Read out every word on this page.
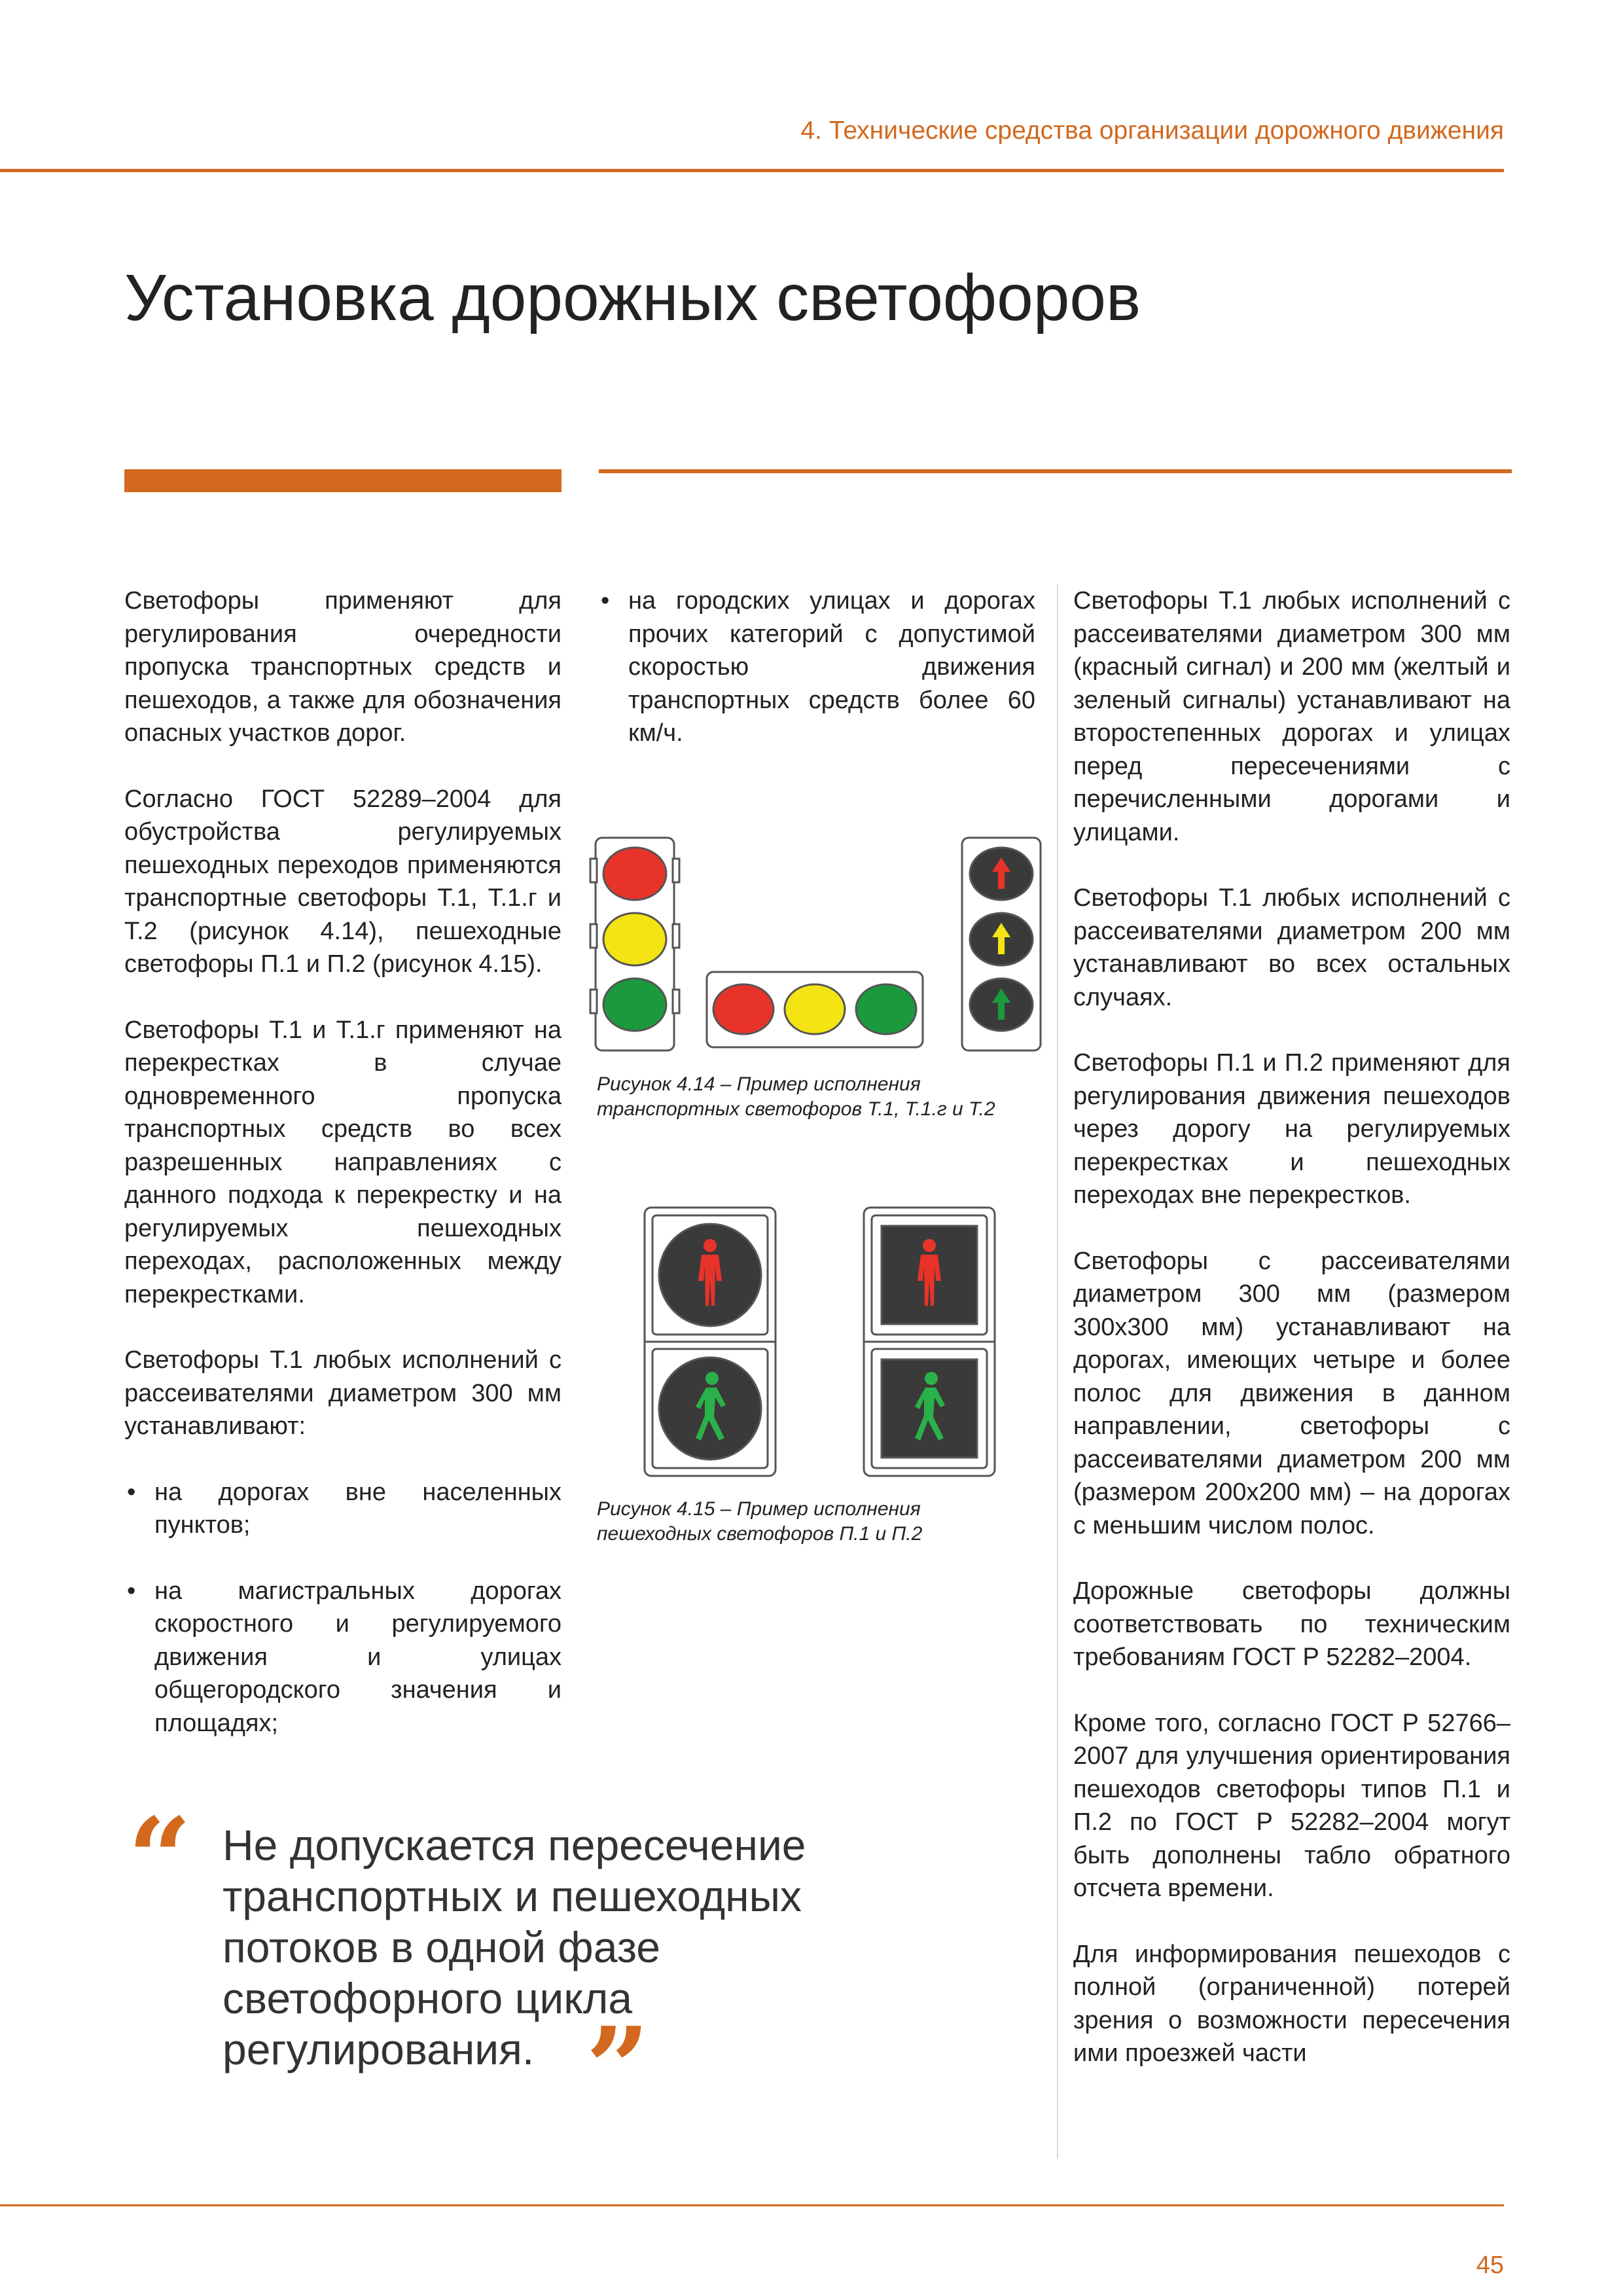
4. Технические средства организации дорожного движения
Установка дорожных светофоров

Светофоры применяют для регулирования очередности пропуска транспортных средств и пешеходов, а также для обозначения опасных участков дорог.

Согласно ГОСТ 52289–2004 для обустройства регулируемых пешеходных переходов применяются транспортные светофоры Т.1, Т.1.г и Т.2 (рисунок 4.14), пешеходные светофоры П.1 и П.2 (рисунок 4.15).

Светофоры Т.1 и Т.1.г применяют на перекрестках в случае одновременного пропуска транспортных средств во всех разрешенных направлениях с данного подхода к перекрестку и на регулируемых пешеходных переходах, расположенных между перекрестками.

Светофоры Т.1 любых исполнений с рассеивателями диаметром 300 мм устанавливают:

• на дорогах вне населенных пунктов;
• на магистральных дорогах скоростного и регулируемого движения и улицах общегородского значения и площадях;
• на городских улицах и дорогах прочих категорий с допустимой скоростью движения транспортных средств более 60 км/ч.
Рисунок 4.14 – Пример исполнения
транспортных светофоров Т.1, Т.1.г и Т.2
Рисунок 4.15 – Пример исполнения
пешеходных светофоров П.1 и П.2

Светофоры Т.1 любых исполнений с рассеивателями диаметром 300 мм (красный сигнал) и 200 мм (желтый и зеленый сигналы) устанавливают на второстепенных дорогах и улицах перед пересечениями с перечисленными дорогами и улицами.

Светофоры Т.1 любых исполнений с рассеивателями диаметром 200 мм устанавливают во всех остальных случаях.

Светофоры П.1 и П.2 применяют для регулирования движения пешеходов через дорогу на регулируемых перекрестках и пешеходных переходах вне перекрестков.

Светофоры с рассеивателями диаметром 300 мм (размером 300x300 мм) устанавливают на дорогах, имеющих четыре и более полос для движения в данном направлении, светофоры с рассеивателями диаметром 200 мм (размером 200x200 мм) – на дорогах с меньшим числом полос.

Дорожные светофоры должны соответствовать по техническим требованиям ГОСТ Р 52282–2004.

Кроме того, согласно ГОСТ Р 52766–2007 для улучшения ориентирования пешеходов светофоры типов П.1 и П.2 по ГОСТ Р 52282–2004 могут быть дополнены табло обратного отсчета времени.

Для информирования пешеходов с полной (ограниченной) потерей зрения о возможности пересечения ими проезжей части

“ Не допускается пересечение транспортных и пешеходных потоков в одной фазе светофорного цикла регулирования. ”
45
